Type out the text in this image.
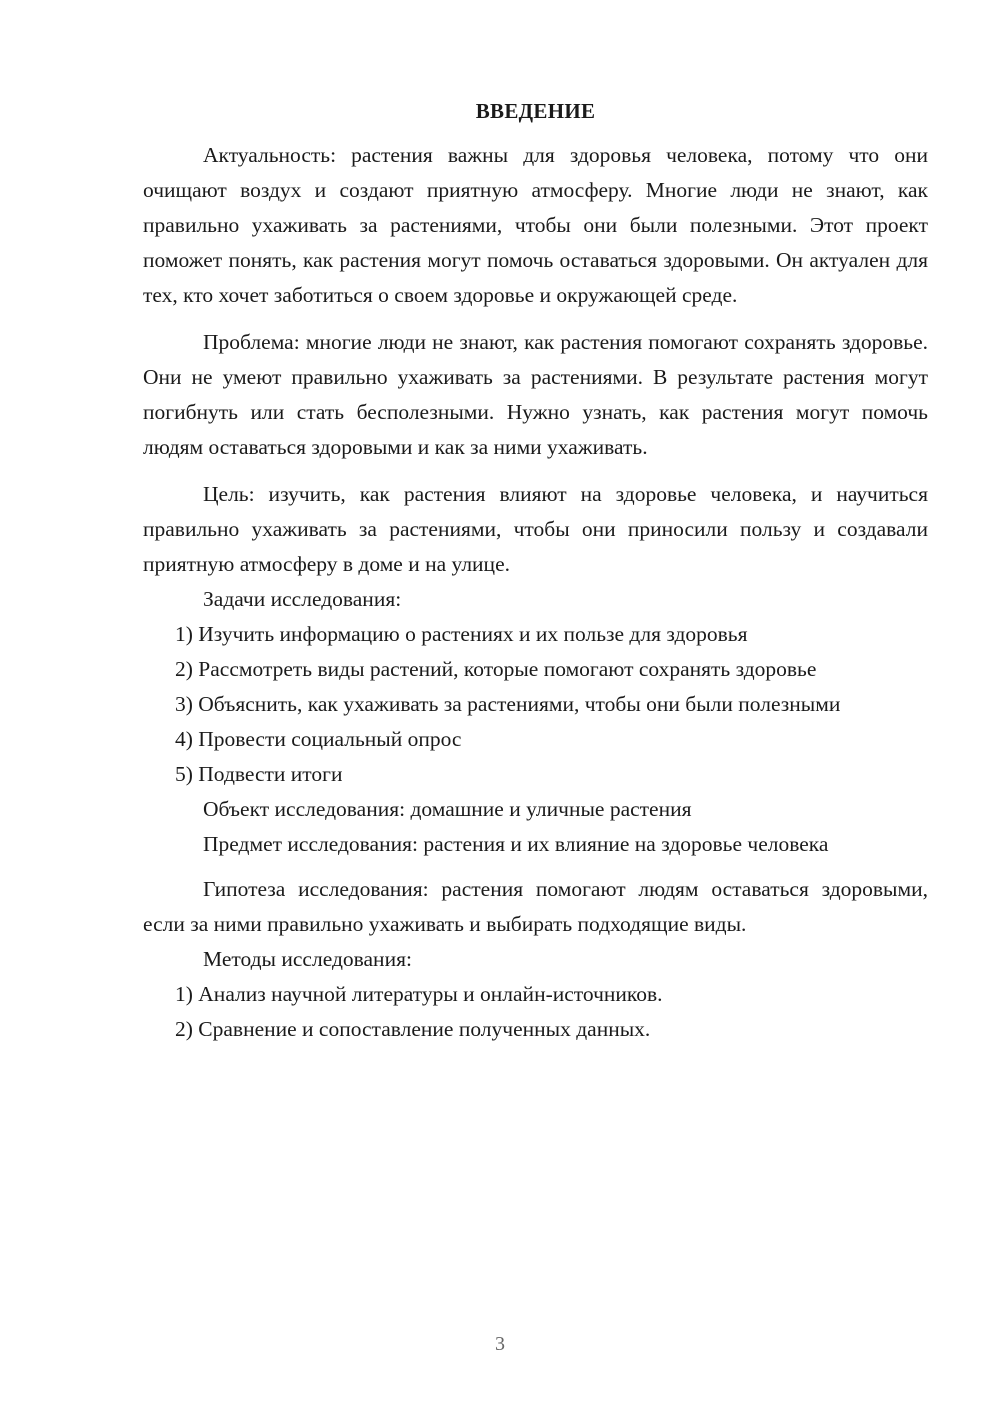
ВВЕДЕНИЕ

Актуальность: растения важны для здоровья человека, потому что они очищают воздух и создают приятную атмосферу. Многие люди не знают, как правильно ухаживать за растениями, чтобы они были полезными. Этот проект поможет понять, как растения могут помочь оставаться здоровыми. Он актуален для тех, кто хочет заботиться о своем здоровье и окружающей среде.

Проблема: многие люди не знают, как растения помогают сохранять здоровье. Они не умеют правильно ухаживать за растениями. В результате растения могут погибнуть или стать бесполезными. Нужно узнать, как растения могут помочь людям оставаться здоровыми и как за ними ухаживать.

Цель: изучить, как растения влияют на здоровье человека, и научиться правильно ухаживать за растениями, чтобы они приносили пользу и создавали приятную атмосферу в доме и на улице.

Задачи исследования:

1) Изучить информацию о растениях и их пользе для здоровья

2) Рассмотреть виды растений, которые помогают сохранять здоровье

3) Объяснить, как ухаживать за растениями, чтобы они были полезными

4) Провести социальный опрос

5) Подвести итоги

Объект исследования: домашние и уличные растения

Предмет исследования: растения и их влияние на здоровье человека

Гипотеза исследования: растения помогают людям оставаться здоровыми, если за ними правильно ухаживать и выбирать подходящие виды.

Методы исследования:

1) Анализ научной литературы и онлайн-источников.

2) Сравнение и сопоставление полученных данных.

3
